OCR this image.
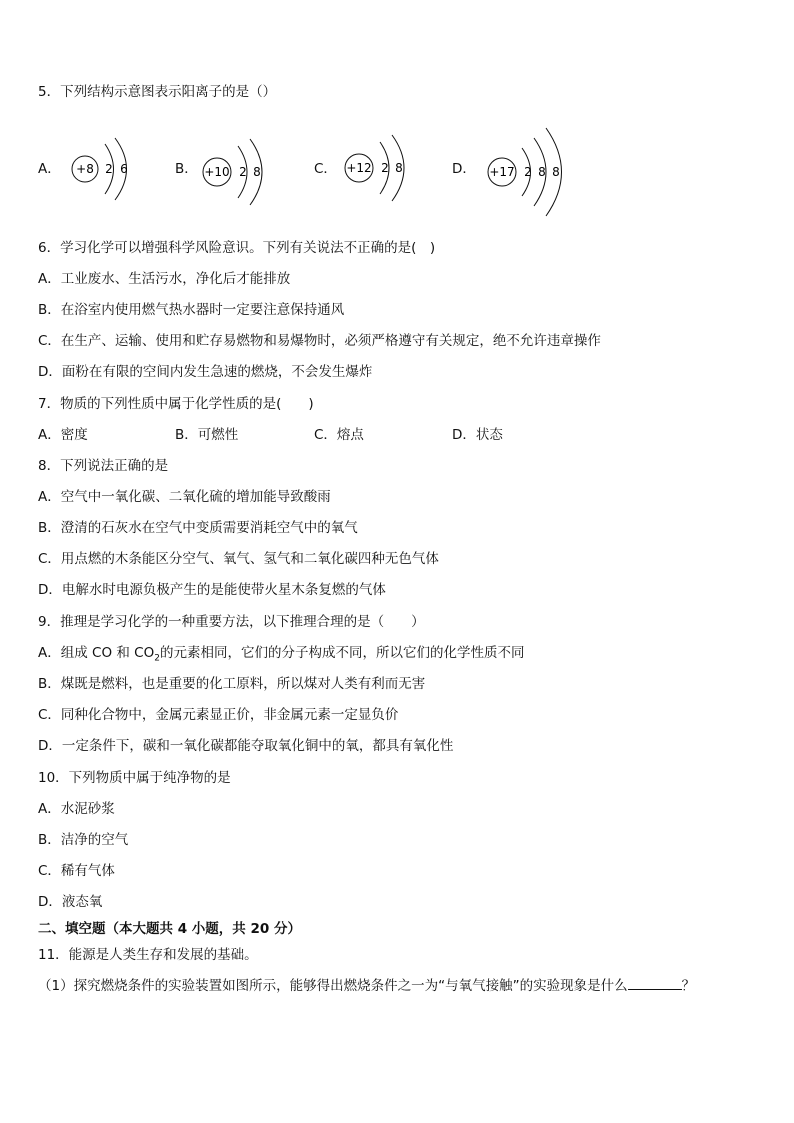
5．下列结构示意图表示阳离子的是（）
A． +8 2 6	B． +10 2 8	C． +12 2 8	D． +17 2 8 8
6．学习化学可以增强科学风险意识。下列有关说法不正确的是(　)
A．工业废水、生活污水，净化后才能排放
B．在浴室内使用燃气热水器时一定要注意保持通风
C．在生产、运输、使用和贮存易燃物和易爆物时，必须严格遵守有关规定，绝不允许违章操作
D．面粉在有限的空间内发生急速的燃烧，不会发生爆炸
7．物质的下列性质中属于化学性质的是(　　)
A．密度	B．可燃性	C．熔点	D．状态
8．下列说法正确的是
A．空气中一氧化碳、二氧化硫的增加能导致酸雨
B．澄清的石灰水在空气中变质需要消耗空气中的氧气
C．用点燃的木条能区分空气、氧气、氢气和二氧化碳四种无色气体
D．电解水时电源负极产生的是能使带火星木条复燃的气体
9．推理是学习化学的一种重要方法，以下推理合理的是（　　）
A．组成 CO 和 $CO_2$的元素相同，它们的分子构成不同，所以它们的化学性质不同
B．煤既是燃料，也是重要的化工原料，所以煤对人类有利而无害
C．同种化合物中，金属元素显正价，非金属元素一定显负价
D．一定条件下，碳和一氧化碳都能夺取氧化铜中的氧，都具有氧化性
10．下列物质中属于纯净物的是
A．水泥砂浆
B．洁净的空气
C．稀有气体
D．液态氧
二、填空题（本大题共 4 小题，共 20 分）
11．能源是人类生存和发展的基础。
（1）探究燃烧条件的实验装置如图所示，能够得出燃烧条件之一为“与氧气接触”的实验现象是什么	？
